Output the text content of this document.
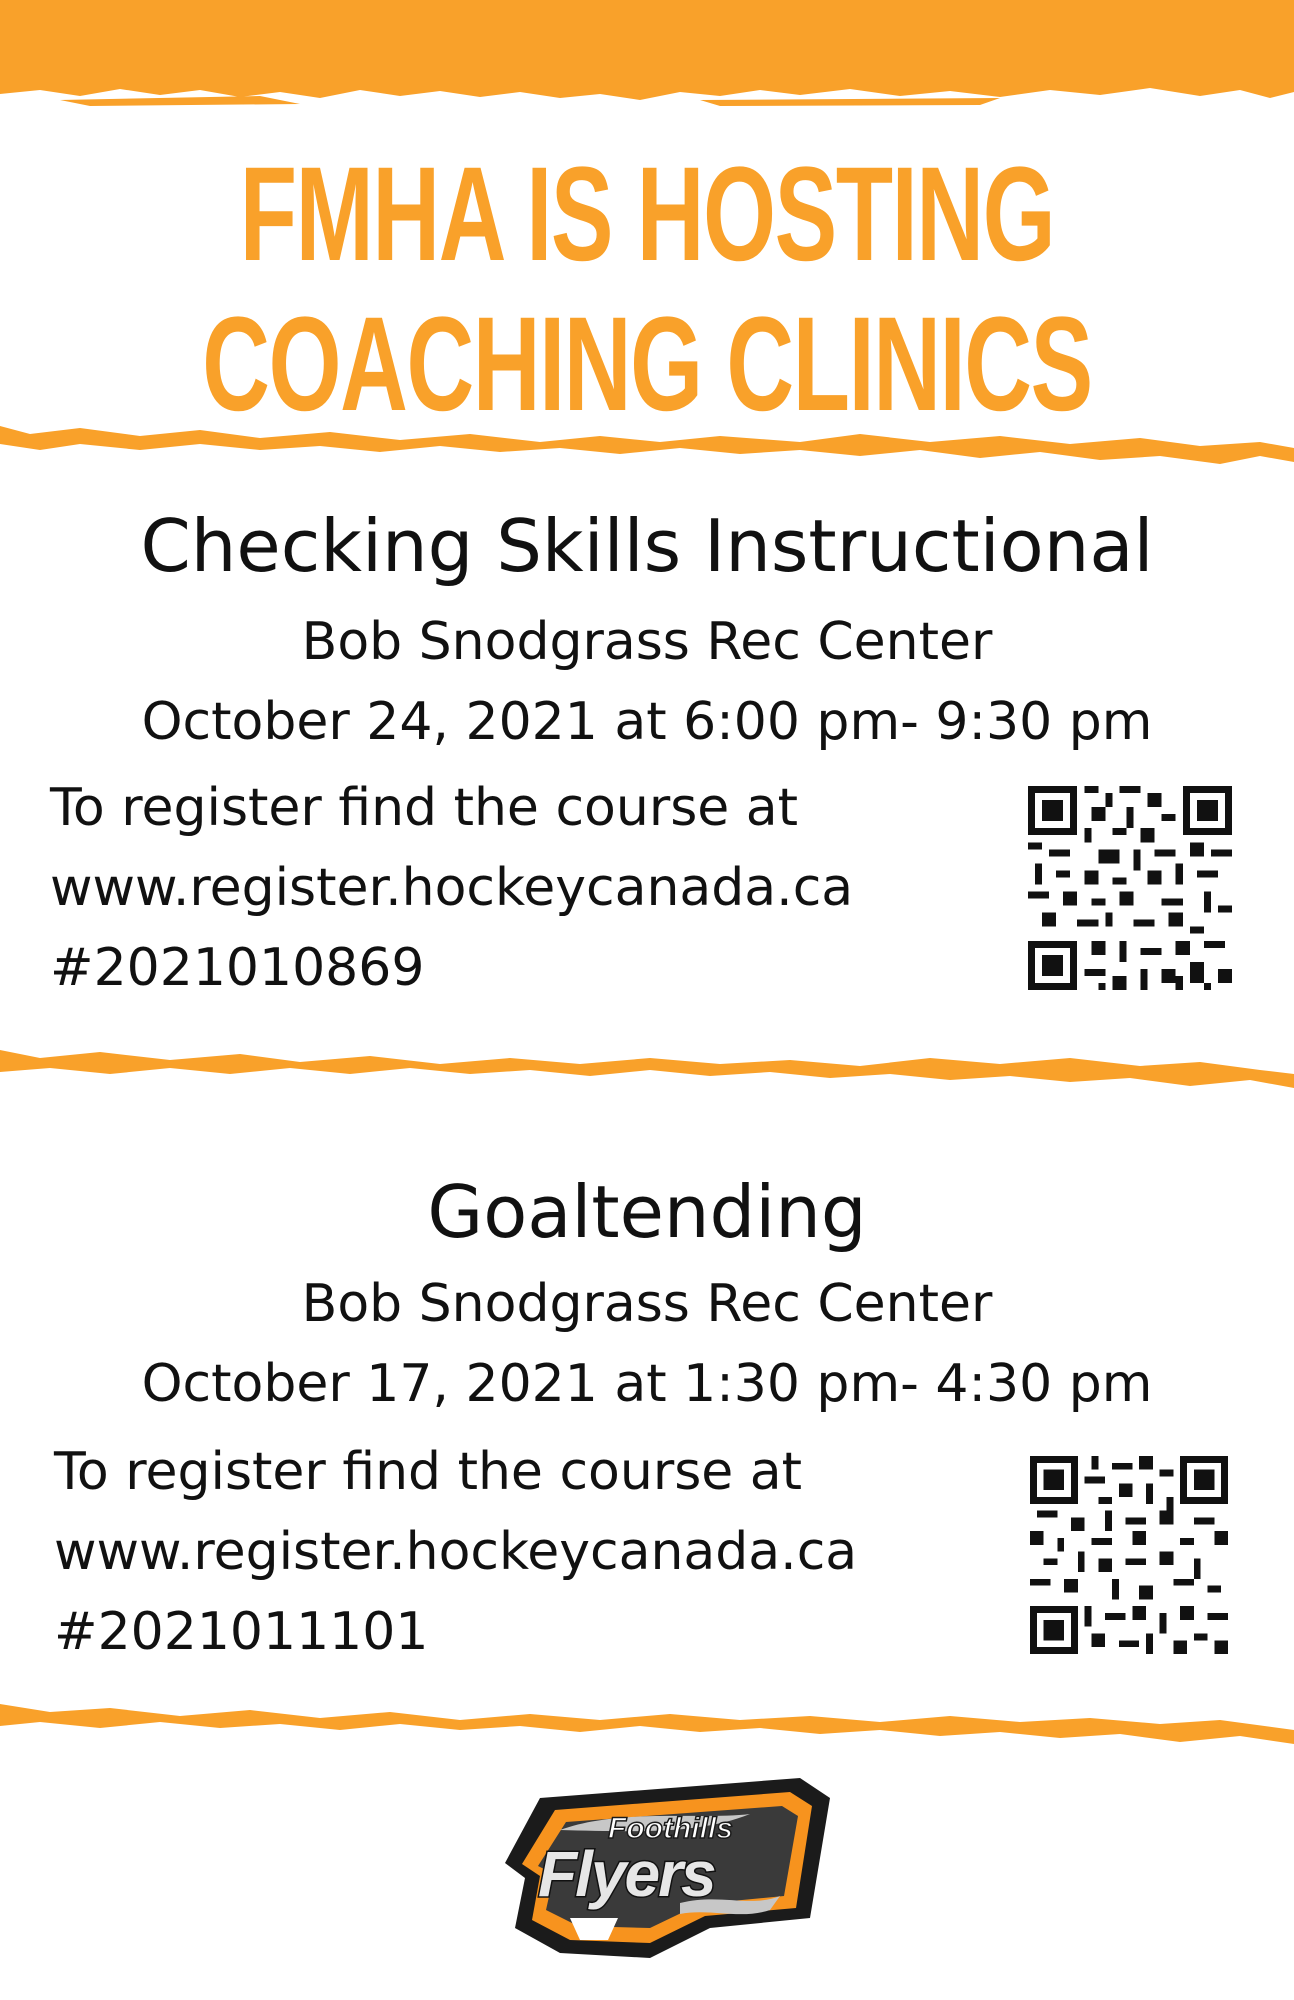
FMHA IS HOSTING
COACHING CLINICS
Checking Skills Instructional
Bob Snodgrass Rec Center
October 24, 2021 at 6:00 pm- 9:30 pm
To register find the course at
www.register.hockeycanada.ca
#2021010869
Goaltending
Bob Snodgrass Rec Center
October 17, 2021 at 1:30 pm- 4:30 pm
To register find the course at
www.register.hockeycanada.ca
#2021011101
Foothills
Flyers
